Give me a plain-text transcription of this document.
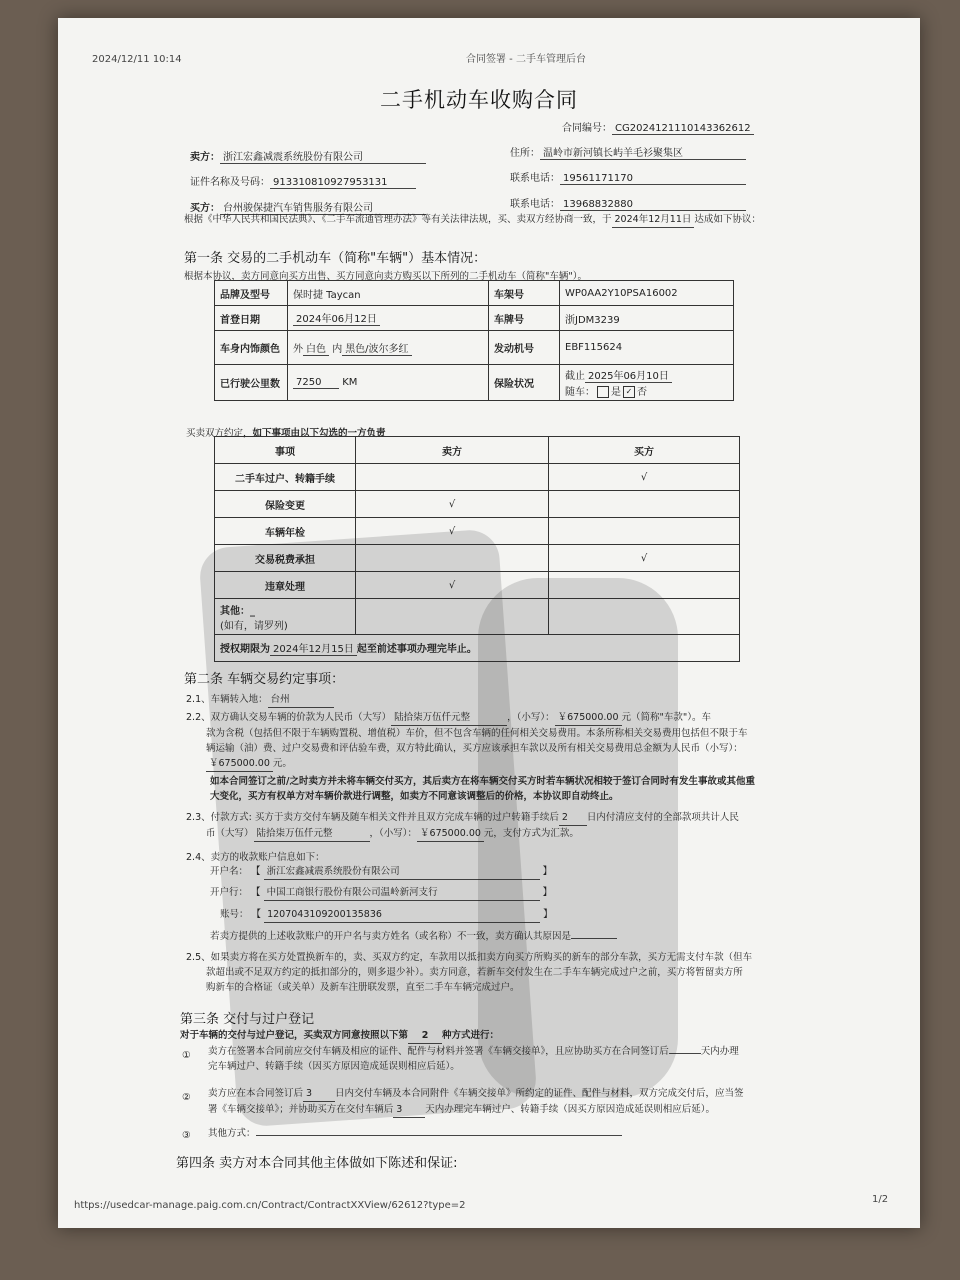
2024/12/11 10:14	合同签署 - 二手车管理后台
二手机动车收购合同
合同编号： CG20241211101433626​12
卖方： 浙江宏鑫减震系统股份有限公司	住所： 温岭市新河镇长屿羊毛衫聚集区
证件名称及号码： 913310810927953131	联系电话： 19561171170
买方： 台州骏保捷汽车销售服务有限公司	联系电话： 13968832880
根据《中华人民共和国民法典》、《二手车流通管理办法》等有关法律法规，买、卖双方经协商一致，于 2024年12月11日 达成如下协议：
第一条 交易的二手机动车（简称"车辆"）基本情况：
根据本协议，卖方同意向买方出售、买方同意向卖方购买以下所列的二手机动车（简称"车辆"）。
品牌及型号	保时捷 Taycan	车架号	WP0AA2Y10PSA16002
首登日期	2024年06月12日	车牌号	浙JDM3239
车身内饰颜色	外 白色 内 黑色/波尔多红	发动机号	EBF115624
已行驶公里数	7250 KM	保险状况	截止 2025年06月10日
随车： 是 ✓ 否
买卖双方约定，如下事项由以下勾选的一方负责
事项	卖方	买方
二手车过户、转籍手续		√
保险变更	√	
车辆年检	√	
交易税费承担		√
违章处理	√	

其他：_
(如有，请罗列)		

授权期限为 2024年12月15日 起至前述事项办理完毕止。		
第二条 车辆交易约定事项：
2.1、车辆转入地： 台州
2.2、双方确认交易车辆的价款为人民币（大写） 陆拾柒万伍仟元整	，（小写）： ￥675000.00 元（简称"车款"）。车
款为含税（包括但不限于车辆购置税、增值税）车价，但不包含车辆的任何相关交易费用。本条所称相关交易费用包括但不限于车
辆运输（油）费、过户交易费和评估验车费，双方特此确认，买方应该承担车款以及所有相关交易费用总金额为人民币（小写）：
￥675000.00 元。
如本合同签订之前/之时卖方并未将车辆交付买方，其后卖方在将车辆交付买方时若车辆状况相较于签订合同时有发生事故或其他重
大变化，买方有权单方对车辆价款进行调整，如卖方不同意该调整后的价格，本协议即自动终止。
2.3、付款方式: 买方于卖方交付车辆及随车相关文件并且双方完成车辆的过户转籍手续后 2 日内付清应支付的全部款项共计人民
币（大写） 陆拾柒万伍仟元整	，（小写）： ￥675000.00 元，支付方式为汇款。
2.4、卖方的收款账户信息如下：
开户名： 【 浙江宏鑫减震系统股份有限公司	】
开户行： 【 中国工商银行股份有限公司温岭新河支行	】
账号： 【 1207043109200135836	】
若卖方提供的上述收款账户的开户名与卖方姓名（或名称）不一致，卖方确认其原因是
2.5、如果卖方将在买方处置换新车的，卖、买双方约定，车款用以抵扣卖方向买方所购买的新车的部分车款，买方无需支付车款（但车
款超出或不足双方约定的抵扣部分的，则多退少补）。卖方同意，若新车交付发生在二手车车辆完成过户之前，买方将暂留卖方所
购新车的合格证（或关单）及新车注册联发票，直至二手车车辆完成过户。
第三条 交付与过户登记
对于车辆的交付与过户登记，买卖双方同意按照以下第 2 种方式进行：
① 卖方在签署本合同前应交付车辆及相应的证件、配件与材料并签署《车辆交接单》，且应协助买方在合同签订后	天内办理
完车辆过户、转籍手续（因买方原因造成延误则相应后延）。
② 卖方应在本合同签订后 3 日内交付车辆及本合同附件《车辆交接单》所约定的证件、配件与材料，双方完成交付后，应当签
署《车辆交接单》；并协助买方在交付车辆后 3 天内办理完车辆过户、转籍手续（因买方原因造成延误则相应后延）。
③ 其他方式：
第四条 卖方对本合同其他主体做如下陈述和保证:
https://usedcar-manage.paig.com.cn/Contract/ContractXXView/62612?type=2
1/2
